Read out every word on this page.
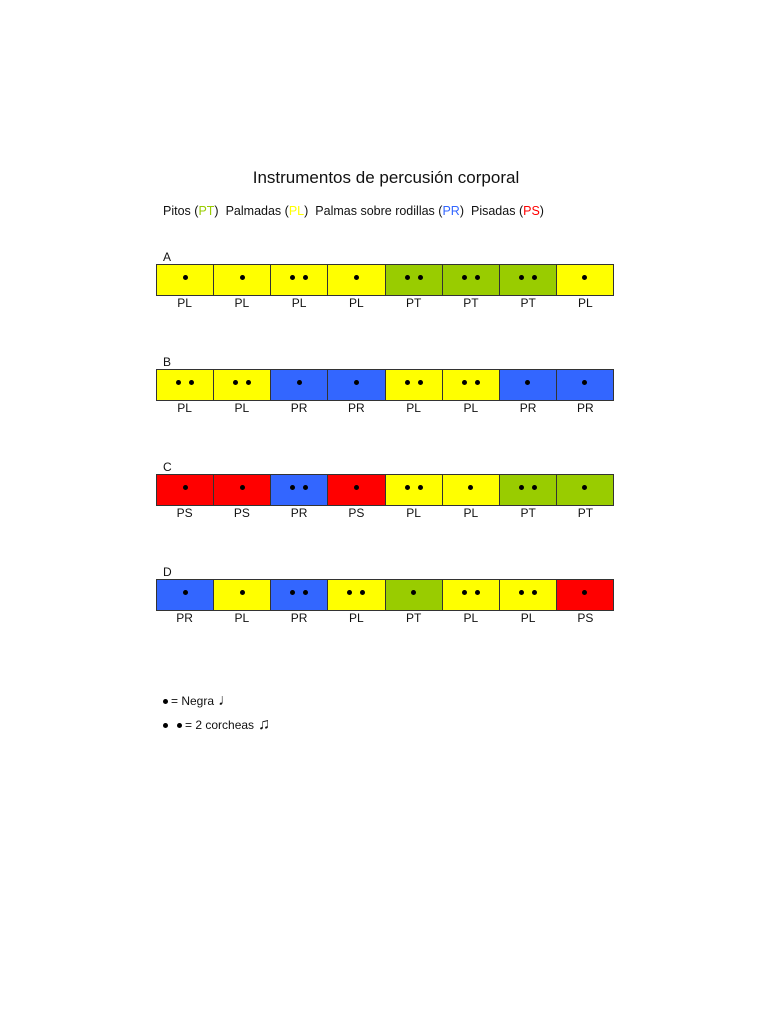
Instrumentos de percusión corporal
Pitos (PT) Palmadas (PL) Palmas sobre rodillas (PR) Pisadas (PS)
A
PL	PL	PL	PL	PT	PT	PT	PL
B
PL	PL	PR	PR	PL	PL	PR	PR
C
PS	PS	PR	PS	PL	PL	PT	PT
D
PR	PL	PR	PL	PT	PL	PL	PS
= Negra ♩
= 2 corcheas ♫
